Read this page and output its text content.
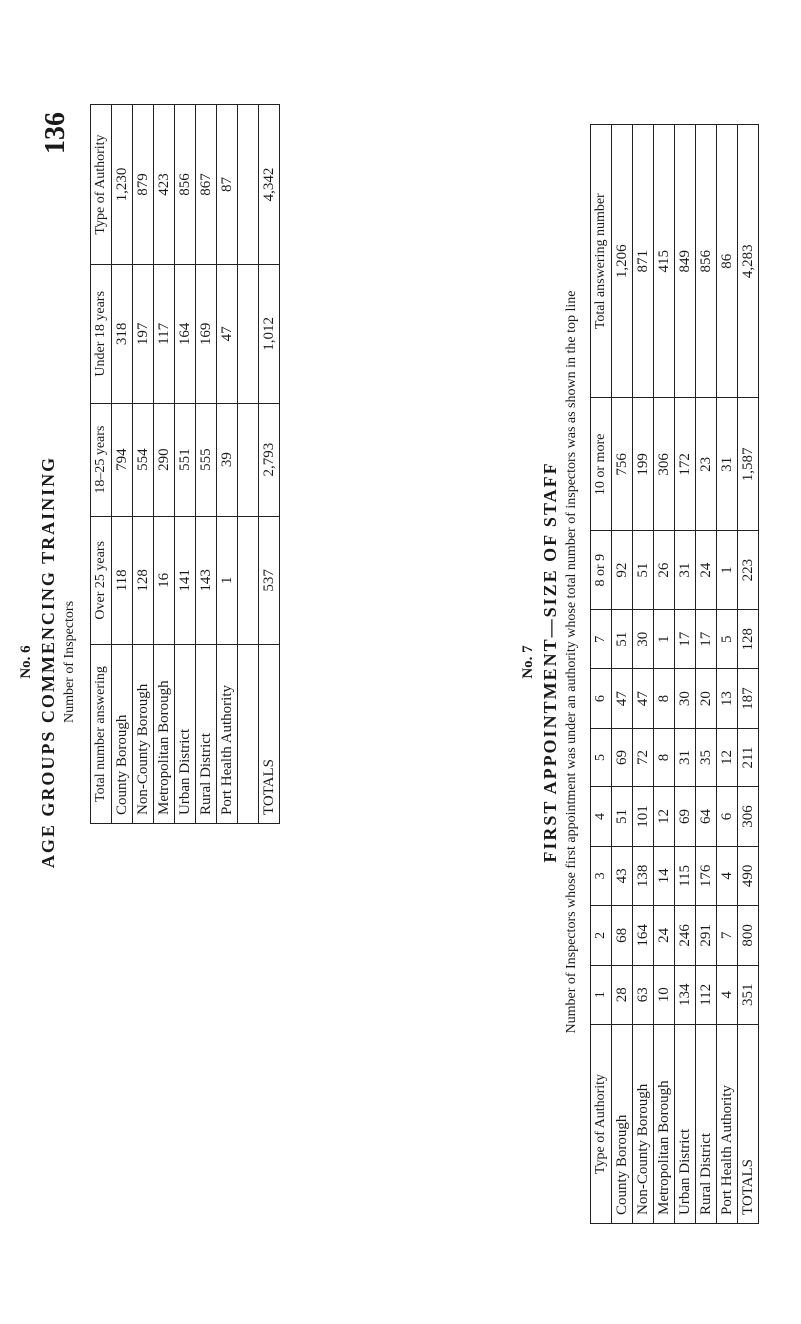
No. 6 AGE GROUPS COMMENCING TRAINING Number of Inspectors
Total number answering	Over 25 years	18–25 years	Under 18 years	Type of Authority
County Borough	118	794	318	1,230
Non-County Borough	128	554	197	879
Metropolitan Borough	16	290	117	423
Urban District	141	551	164	856
Rural District	143	555	169	867
Port Health Authority	1	39	47	87

TOTALS	537	2,793	1,012	4,342
No. 7 FIRST APPOINTMENT—SIZE OF STAFF Number of Inspectors whose first appointment was under an authority whose total number of inspectors was as shown in the top line
Type of Authority	1	2	3	4	5	6	7	8 or 9	10 or more	Total answering number
County Borough	28	68	43	51	69	47	51	92	756	1,206
Non-County Borough	63	164	138	101	72	47	30	51	199	871
Metropolitan Borough	10	24	14	12	8	8	1	26	306	415
Urban District	134	246	115	69	31	30	17	31	172	849
Rural District	112	291	176	64	35	20	17	24	23	856
Port Health Authority	4	7	4	6	12	13	5	1	31	86
TOTALS	351	800	490	306	211	187	128	223	1,587	4,283
136
